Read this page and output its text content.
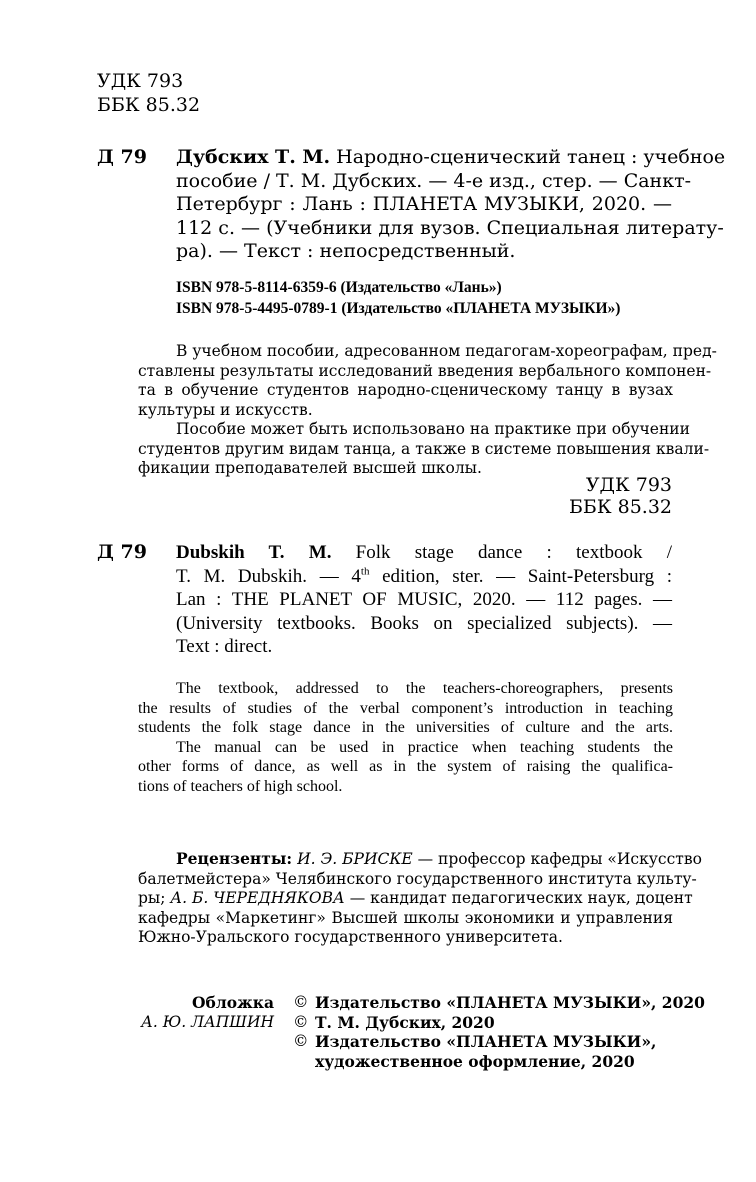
УДК 793
ББК 85.32
Д 79 Дубских Т. М. Народно-сценический танец : учебное
пособие / Т. М. Дубских. — 4-е изд., стер. — Санкт-
Петербург : Лань : ПЛАНЕТА МУЗЫКИ, 2020. —
112 с. — (Учебники для вузов. Специальная литерату-
ра). — Текст : непосредственный.
ISBN 978-5-8114-6359-6 (Издательство «Лань»)
ISBN 978-5-4495-0789-1 (Издательство «ПЛАНЕТА МУЗЫКИ»)
В учебном пособии, адресованном педагогам-хореографам, пред-
ставлены результаты исследований введения вербального компонен-
та в обучение студентов народно-сценическому танцу в вузах
культуры и искусств.
Пособие может быть использовано на практике при обучении
студентов другим видам танца, а также в системе повышения квали-
фикации преподавателей высшей школы.
УДК 793
ББК 85.32
Д 79 Dubskih T. M. Folk stage dance : textbook /
T. M. Dubskih. — 4th edition, ster. — Saint-Petersburg :
Lan : THE PLANET OF MUSIC, 2020. — 112 pages. —
(University textbooks. Books on specialized subjects). —
Text : direct.
The textbook, addressed to the teachers-choreographers, presents
the results of studies of the verbal component’s introduction in teaching
students the folk stage dance in the universities of culture and the arts.
The manual can be used in practice when teaching students the
other forms of dance, as well as in the system of raising the qualifica-
tions of teachers of high school.
Рецензенты: И. Э. БРИСКЕ — профессор кафедры «Искусство
балетмейстера» Челябинского государственного института культу-
ры; А. Б. ЧЕРЕДНЯКОВА — кандидат педагогических наук, доцент
кафедры «Маркетинг» Высшей школы экономики и управления
Южно-Уральского государственного университета.
Обложка
А. Ю. ЛАПШИН
© Издательство «ПЛАНЕТА МУЗЫКИ», 2020
© Т. М. Дубских, 2020
© Издательство «ПЛАНЕТА МУЗЫКИ»,
художественное оформление, 2020
